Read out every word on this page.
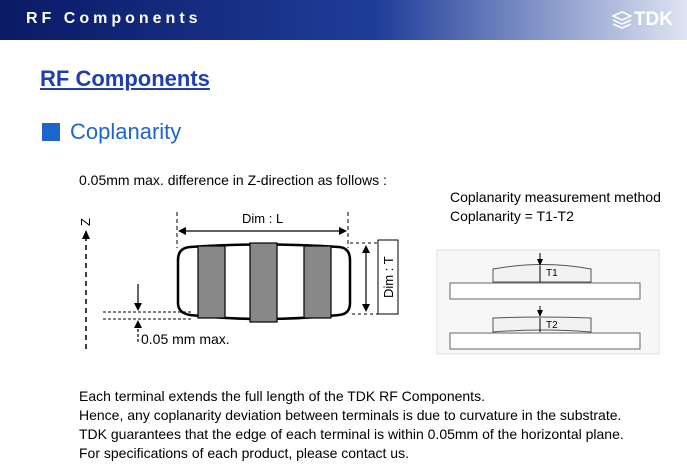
RF Components	TDK
RF Components
Coplanarity
0.05mm max. difference in Z-direction as follows :
Z	Dim : L
Dim : T
0.05 mm max.
T1
T2
Coplanarity measurement method
Coplanarity = T1-T2
Each terminal extends the full length of the TDK RF Components.
Hence, any coplanarity deviation between terminals is due to curvature in the substrate.
TDK guarantees that the edge of each terminal is within 0.05mm of the horizontal plane.
For specifications of each product, please contact us.
